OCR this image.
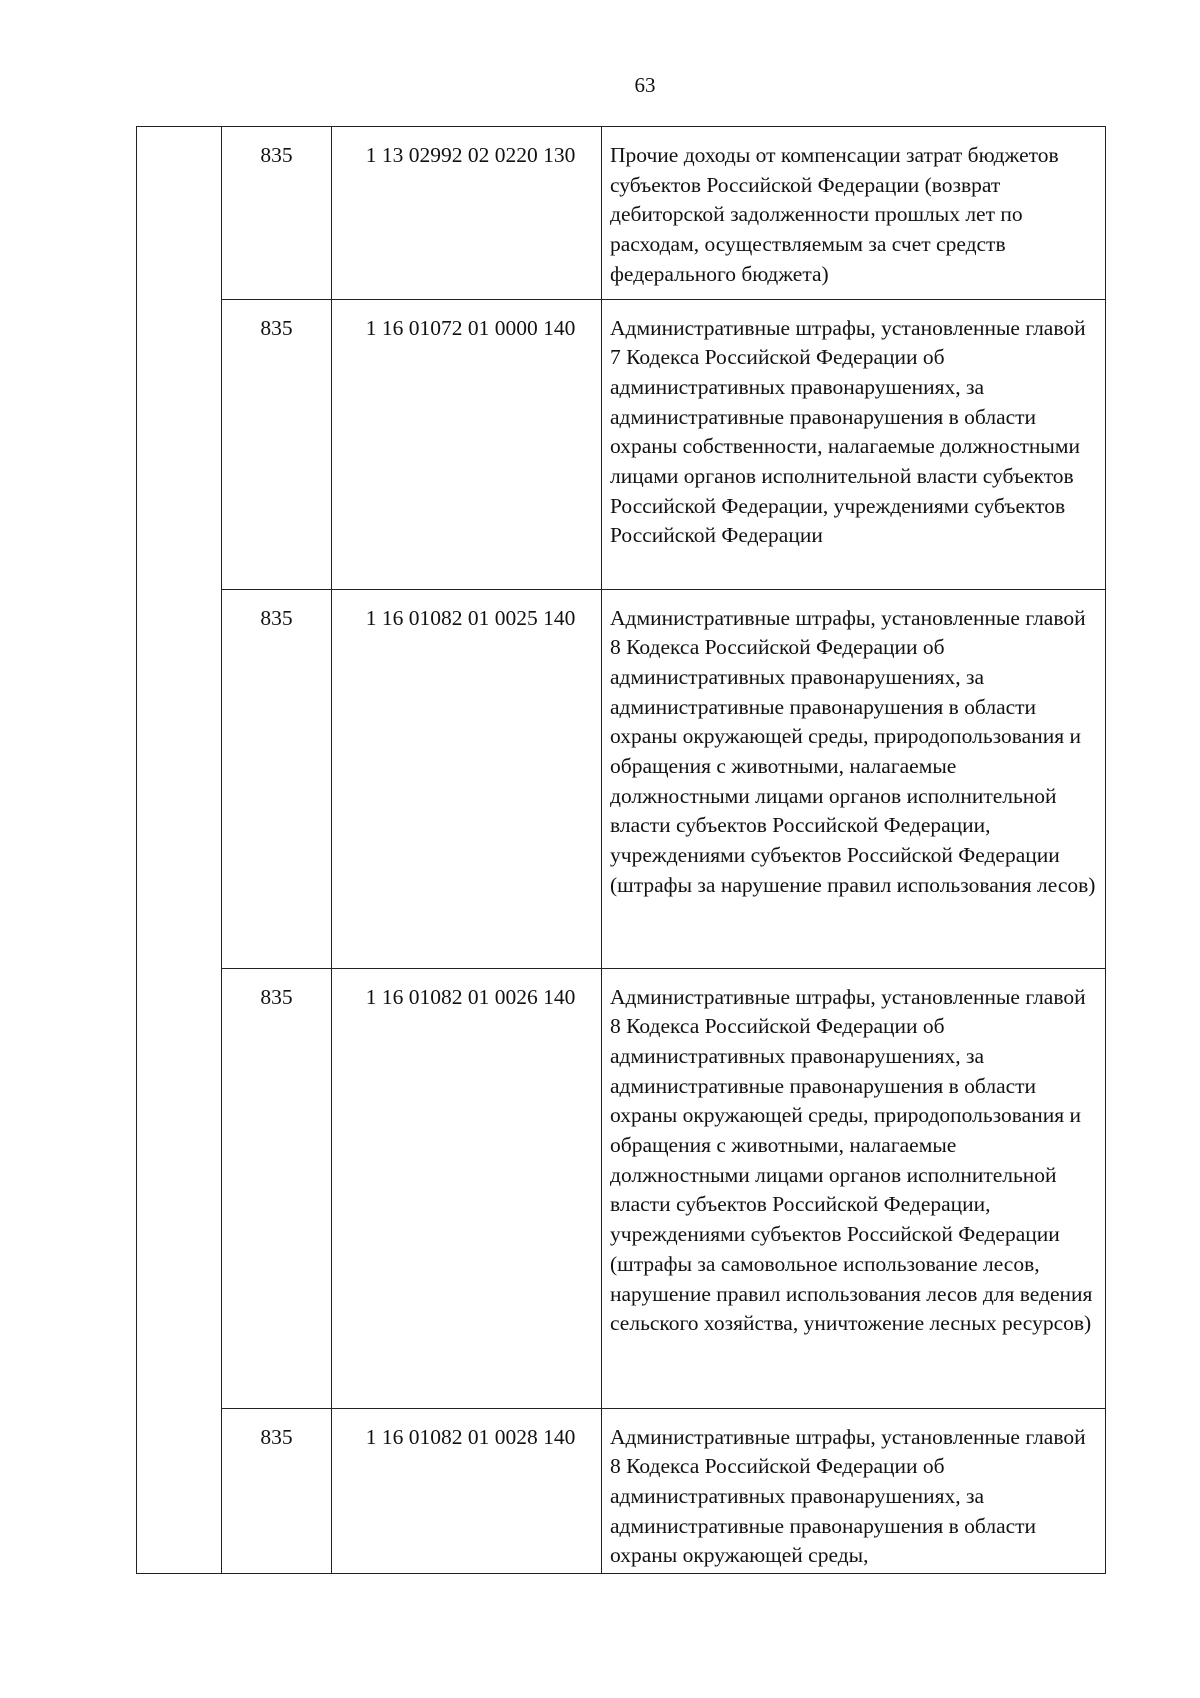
63
	835	1 13 02992 02 0220 130	Прочие доходы от компенсации затрат бюджетов субъектов Российской Федерации (возврат дебиторской задолженности прошлых лет по расходам, осуществляемым за счет средств федерального бюджета)
	835	1 16 01072 01 0000 140	Административные штрафы, установленные главой 7 Кодекса Российской Федерации об административных правонарушениях, за административные правонарушения в области охраны собственности, налагаемые должностными лицами органов исполнительной власти субъектов Российской Федерации, учреждениями субъектов Российской Федерации
	835	1 16 01082 01 0025 140	Административные штрафы, установленные главой 8 Кодекса Российской Федерации об административных правонарушениях, за административные правонарушения в области охраны окружающей среды, природопользования и обращения с животными, налагаемые должностными лицами органов исполнительной власти субъектов Российской Федерации, учреждениями субъектов Российской Федерации (штрафы за нарушение правил использования лесов)
	835	1 16 01082 01 0026 140	Административные штрафы, установленные главой 8 Кодекса Российской Федерации об административных правонарушениях, за административные правонарушения в области охраны окружающей среды, природопользования и обращения с животными, налагаемые должностными лицами органов исполнительной власти субъектов Российской Федерации, учреждениями субъектов Российской Федерации (штрафы за самовольное использование лесов, нарушение правил использования лесов для ведения сельского хозяйства, уничтожение лесных ресурсов)
	835	1 16 01082 01 0028 140	Административные штрафы, установленные главой 8 Кодекса Российской Федерации об административных правонарушениях, за административные правонарушения в области охраны окружающей среды,
